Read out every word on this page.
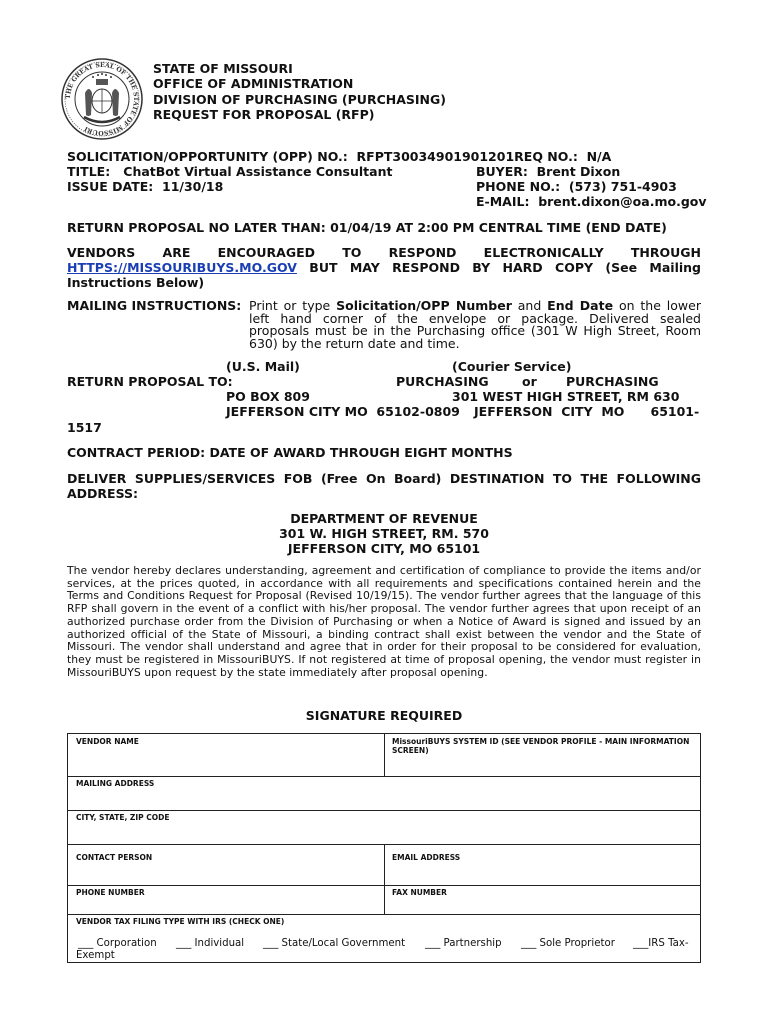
THE GREAT SEAL OF THE STATE OF MISSOURI
STATE OF MISSOURI
OFFICE OF ADMINISTRATION
DIVISION OF PURCHASING (PURCHASING)
REQUEST FOR PROPOSAL (RFP)
SOLICITATION/OPPORTUNITY (OPP) NO.: RFPT30034901901201REQ NO.: N/A
TITLE: ChatBot Virtual Assistance Consultant	BUYER: Brent Dixon
ISSUE DATE: 11/30/18	PHONE NO.: (573) 751-4903
E-MAIL: brent.dixon@oa.mo.gov
RETURN PROPOSAL NO LATER THAN: 01/04/19 AT 2:00 PM CENTRAL TIME (END DATE)
VENDORS ARE ENCOURAGED TO RESPOND ELECTRONICALLY THROUGH
HTTPS://MISSOURIBUYS.MO.GOV BUT MAY RESPOND BY HARD COPY (See Mailing
Instructions Below)
MAILING INSTRUCTIONS: Print or type Solicitation/OPP Number and End Date on the lower
left hand corner of the envelope or package. Delivered sealed
proposals must be in the Purchasing office (301 W High Street, Room
630) by the return date and time.
(U.S. Mail)	(Courier Service)
RETURN PROPOSAL TO:	PURCHASING	or PURCHASING
PO BOX 809	301 WEST HIGH STREET, RM 630
JEFFERSON CITY MO  65102-0809 JEFFERSON  CITY  MO      65101-
1517
CONTRACT PERIOD: DATE OF AWARD THROUGH EIGHT MONTHS
DELIVER SUPPLIES/SERVICES FOB (Free On Board) DESTINATION TO THE FOLLOWING
ADDRESS:
DEPARTMENT OF REVENUE
301 W. HIGH STREET, RM. 570
JEFFERSON CITY, MO 65101
The vendor hereby declares understanding, agreement and certification of compliance to provide the items and/or services, at the prices quoted, in accordance with all requirements and specifications contained herein and the Terms and Conditions Request for Proposal (Revised 10/19/15). The vendor further agrees that the language of this RFP shall govern in the event of a conflict with his/her proposal. The vendor further agrees that upon receipt of an authorized purchase order from the Division of Purchasing or when a Notice of Award is signed and issued by an authorized official of the State of Missouri, a binding contract shall exist between the vendor and the State of Missouri. The vendor shall understand and agree that in order for their proposal to be considered for evaluation, they must be registered in MissouriBUYS. If not registered at time of proposal opening, the vendor must register in MissouriBUYS upon request by the state immediately after proposal opening.
SIGNATURE REQUIRED
VENDOR NAME	MissouriBUYS SYSTEM ID (SEE VENDOR PROFILE - MAIN INFORMATION SCREEN)
MAILING ADDRESS
CITY, STATE, ZIP CODE
CONTACT PERSON	EMAIL ADDRESS
PHONE NUMBER	FAX NUMBER
VENDOR TAX FILING TYPE WITH IRS (CHECK ONE)
___ Corporation ___ Individual ___ State/Local Government ___ Partnership ___ Sole Proprietor ___IRS Tax-
Exempt
